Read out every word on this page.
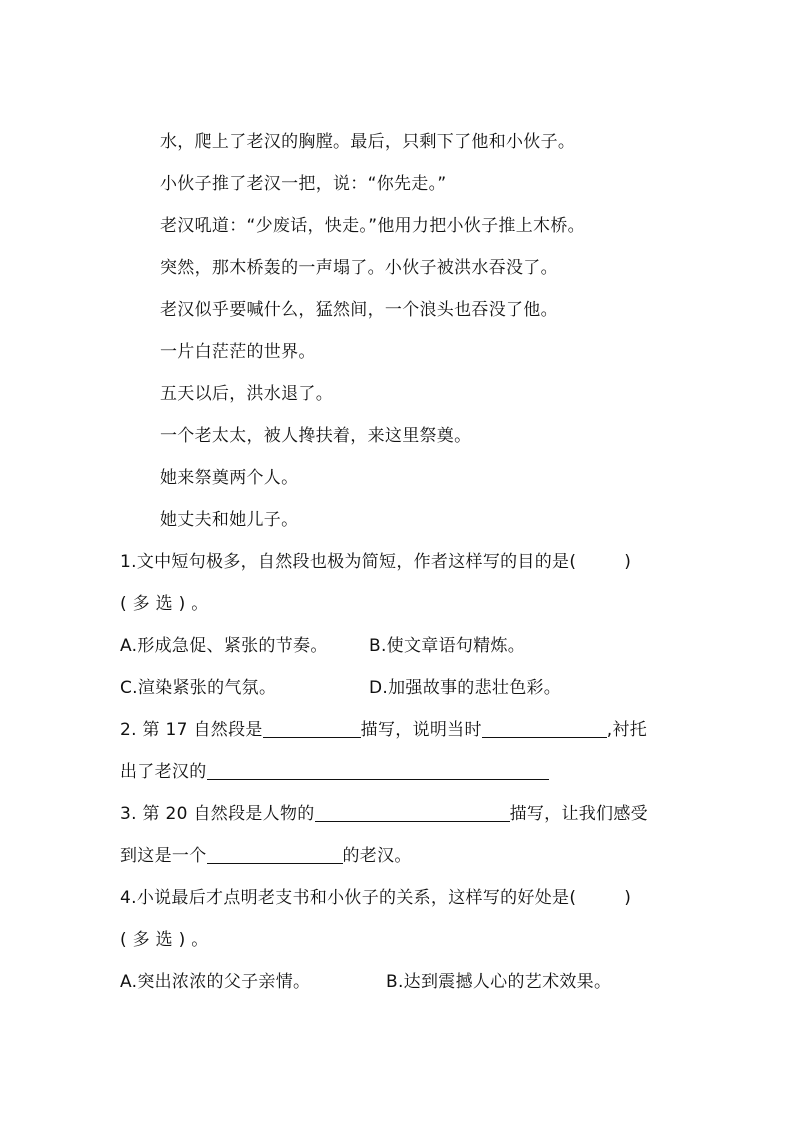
水，爬上了老汉的胸膛。最后，只剩下了他和小伙子。
小伙子推了老汉一把，说：“你先走。”
老汉吼道：“少废话，快走。”他用力把小伙子推上木桥。
突然，那木桥轰的一声塌了。小伙子被洪水吞没了。
老汉似乎要喊什么，猛然间，一个浪头也吞没了他。
一片白茫茫的世界。
五天以后，洪水退了。
一个老太太，被人搀扶着，来这里祭奠。
她来祭奠两个人。
她丈夫和她儿子。
1.文中短句极多，自然段也极为简短，作者这样写的目的是(	)
( 多 选 ) 。
A.形成急促、紧张的节奏。 B.使文章语句精炼。
C.渲染紧张的气氛。	D.加强故事的悲壮色彩。
2. 第 17 自然段是	描写，说明当时	,衬托
出了老汉的
3. 第 20 自然段是人物的	描写，让我们感受
到这是一个	的老汉。
4.小说最后才点明老支书和小伙子的关系，这样写的好处是(	)
( 多 选 ) 。
A.突出浓浓的父子亲情。	B.达到震撼人心的艺术效果。
